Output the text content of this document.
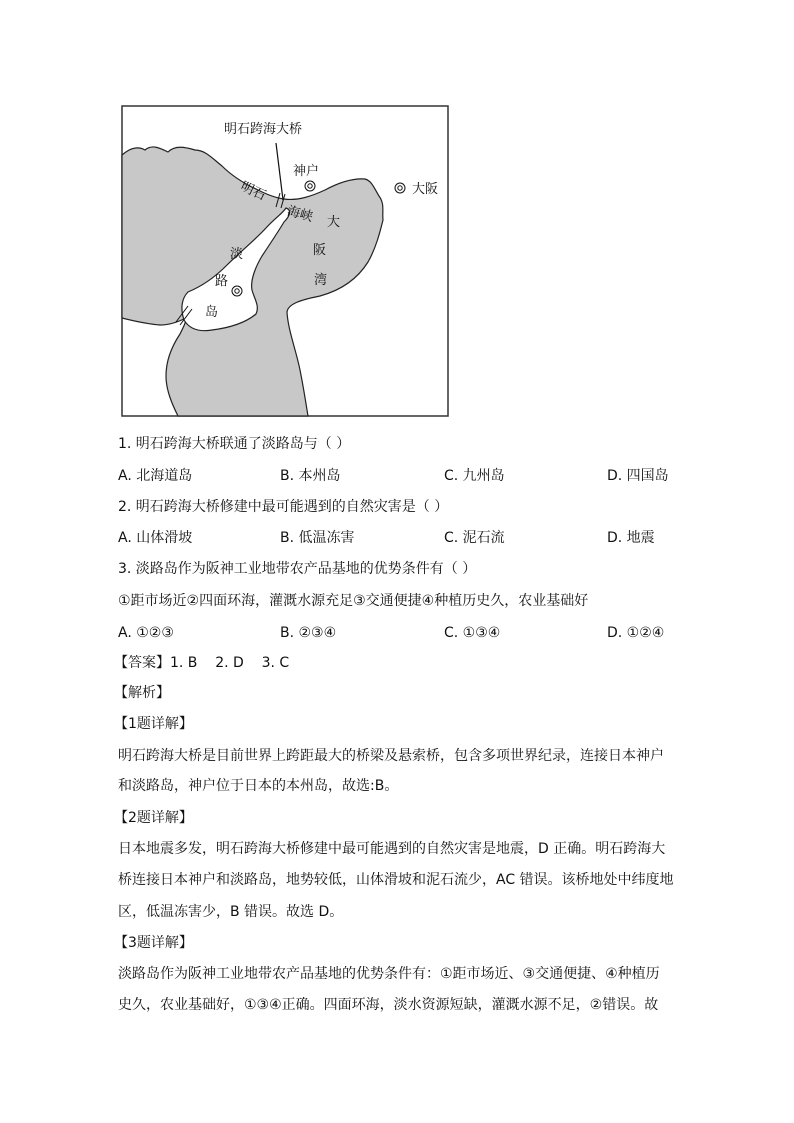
明石跨海大桥
神户
大阪
明石
海峡 大
阪
湾
淡
路
岛
1. 明石跨海大桥联通了淡路岛与（ ）
A. 北海道岛	B. 本州岛	C. 九州岛	D. 四国岛
2. 明石跨海大桥修建中最可能遇到的自然灾害是（ ）
A. 山体滑坡	B. 低温冻害	C. 泥石流	D. 地震
3. 淡路岛作为阪神工业地带农产品基地的优势条件有（ ）
①距市场近②四面环海，灌溉水源充足③交通便捷④种植历史久，农业基础好
A. ①②③	B. ②③④	C. ①③④	D. ①②④
【答案】1. B    2. D    3. C
【解析】
【1题详解】
明石跨海大桥是目前世界上跨距最大的桥梁及悬索桥，包含多项世界纪录，连接日本神户
和淡路岛，神户位于日本的本州岛，故选:B。
【2题详解】
日本地震多发，明石跨海大桥修建中最可能遇到的自然灾害是地震，D 正确。明石跨海大
桥连接日本神户和淡路岛，地势较低，山体滑坡和泥石流少，AC 错误。该桥地处中纬度地
区，低温冻害少，B 错误。故选 D。
【3题详解】
淡路岛作为阪神工业地带农产品基地的优势条件有：①距市场近、③交通便捷、④种植历
史久，农业基础好，①③④正确。四面环海，淡水资源短缺，灌溉水源不足，②错误。故
